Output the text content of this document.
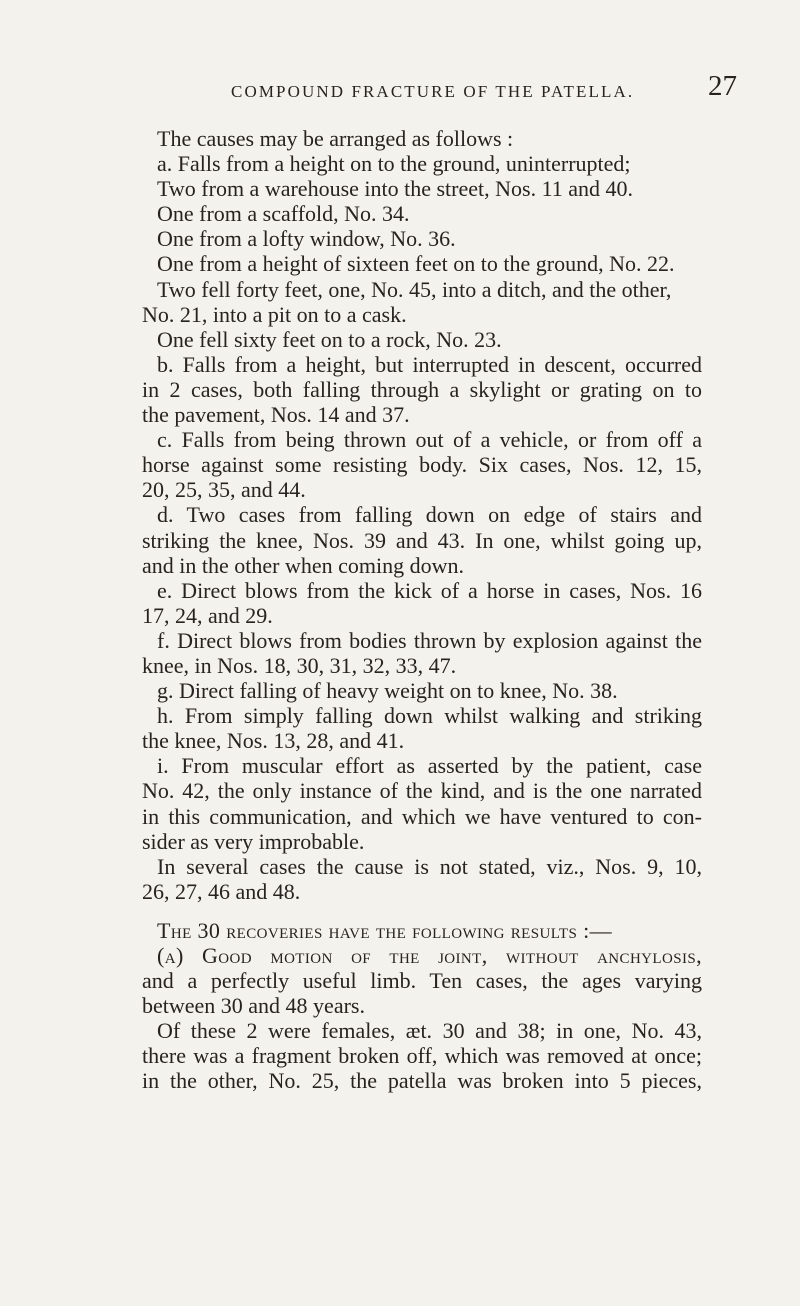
COMPOUND FRACTURE OF THE PATELLA.	27
The causes may be arranged as follows :
a. Falls from a height on to the ground, uninterrupted;
Two from a warehouse into the street, Nos. 11 and 40.
One from a scaffold, No. 34.
One from a lofty window, No. 36.
One from a height of sixteen feet on to the ground, No. 22.
Two fell forty feet, one, No. 45, into a ditch, and the other,
No. 21, into a pit on to a cask.
One fell sixty feet on to a rock, No. 23.
b. Falls from a height, but interrupted in descent, occurred
in 2 cases, both falling through a skylight or grating on to
the pavement, Nos. 14 and 37.
c. Falls from being thrown out of a vehicle, or from off a
horse against some resisting body. Six cases, Nos. 12, 15,
20, 25, 35, and 44.
d. Two cases from falling down on edge of stairs and
striking the knee, Nos. 39 and 43. In one, whilst going up,
and in the other when coming down.
e. Direct blows from the kick of a horse in cases, Nos. 16
17, 24, and 29.
f. Direct blows from bodies thrown by explosion against the
knee, in Nos. 18, 30, 31, 32, 33, 47.
g. Direct falling of heavy weight on to knee, No. 38.
h. From simply falling down whilst walking and striking
the knee, Nos. 13, 28, and 41.
i. From muscular effort as asserted by the patient, case
No. 42, the only instance of the kind, and is the one narrated
in this communication, and which we have ventured to con-
sider as very improbable.
In several cases the cause is not stated, viz., Nos. 9, 10,
26, 27, 46 and 48.
The 30 recoveries have the following results :—
(a) Good motion of the joint, without anchylosis,
and a perfectly useful limb. Ten cases, the ages varying
between 30 and 48 years.
Of these 2 were females, æt. 30 and 38; in one, No. 43,
there was a fragment broken off, which was removed at once;
in the other, No. 25, the patella was broken into 5 pieces,
